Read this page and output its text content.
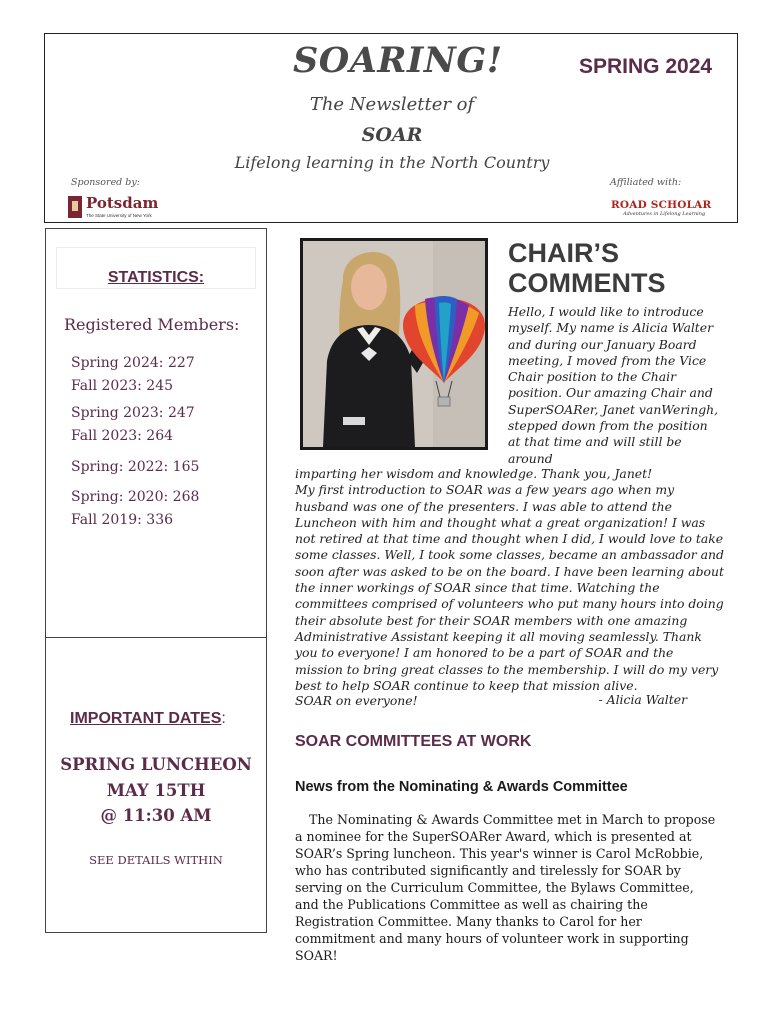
SOARING!	SPRING 2024
The Newsletter of
SOAR
Lifelong learning in the North Country
Sponsored by:	Affiliated with:
Potsdam
The State University of New York
ROAD SCHOLAR
Adventures in Lifelong Learning
STATISTICS:
Registered Members:
Spring 2024: 227
Fall 2023: 245
Spring 2023: 247
Fall 2023: 264
Spring: 2022: 165
Spring: 2020: 268
Fall 2019: 336
IMPORTANT DATES:
SPRING LUNCHEON
MAY 15TH
@ 11:30 AM
SEE DETAILS WITHIN
CHAIR’S
COMMENTS

Hello, I would like to introduce myself. My name is Alicia Walter and during our January Board meeting, I moved from the Vice Chair position to the Chair position. Our amazing Chair and SuperSOARer, Janet vanWeringh, stepped down from the position at that time and will still be around

imparting her wisdom and knowledge. Thank you, Janet!

My first introduction to SOAR was a few years ago when my husband was one of the presenters. I was able to attend the Luncheon with him and thought what a great organization! I was not retired at that time and thought when I did, I would love to take some classes. Well, I took some classes, became an ambassador and soon after was asked to be on the board. I have been learning about the inner workings of SOAR since that time. Watching the committees comprised of volunteers who put many hours into doing their absolute best for their SOAR members with one amazing Administrative Assistant keeping it all moving seamlessly. Thank you to everyone! I am honored to be a part of SOAR and the mission to bring great classes to the membership. I will do my very best to help SOAR continue to keep that mission alive.

SOAR on everyone!	- Alicia Walter
SOAR COMMITTEES AT WORK
News from the Nominating & Awards Committee
The Nominating & Awards Committee met in March to propose a nominee for the SuperSOARer Award, which is presented at SOAR’s Spring luncheon. This year's winner is Carol McRobbie, who has contributed significantly and tirelessly for SOAR by serving on the Curriculum Committee, the Bylaws Committee, and the Publications Committee as well as chairing the Registration Committee. Many thanks to Carol for her commitment and many hours of volunteer work in supporting SOAR!
